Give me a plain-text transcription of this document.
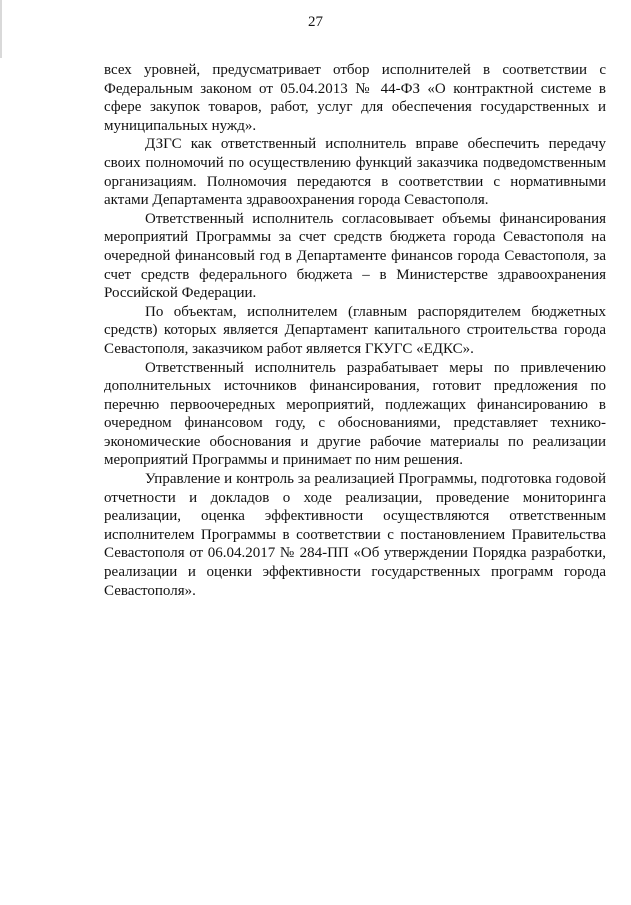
27

всех уровней, предусматривает отбор исполнителей в соответствии с Федеральным законом от 05.04.2013 № 44-ФЗ «О контрактной системе в сфере закупок товаров, работ, услуг для обеспечения государственных и муниципальных нужд».

ДЗГС как ответственный исполнитель вправе обеспечить передачу своих полномочий по осуществлению функций заказчика подведомственным организациям. Полномочия передаются в соответствии с нормативными актами Департамента здравоохранения города Севастополя.

Ответственный исполнитель согласовывает объемы финансирования мероприятий Программы за счет средств бюджета города Севастополя на очередной финансовый год в Департаменте финансов города Севастополя, за счет средств федерального бюджета – в Министерстве здравоохранения Российской Федерации.

По объектам, исполнителем (главным распорядителем бюджетных средств) которых является Департамент капитального строительства города Севастополя, заказчиком работ является ГКУГС «ЕДКС».

Ответственный исполнитель разрабатывает меры по привлечению дополнительных источников финансирования, готовит предложения по перечню первоочередных мероприятий, подлежащих финансированию в очередном финансовом году, с обоснованиями, представляет технико-экономические обоснования и другие рабочие материалы по реализации мероприятий Программы и принимает по ним решения.

Управление и контроль за реализацией Программы, подготовка годовой отчетности и докладов о ходе реализации, проведение мониторинга реализации, оценка эффективности осуществляются ответственным исполнителем Программы в соответствии с постановлением Правительства Севастополя от 06.04.2017 № 284-ПП «Об утверждении Порядка разработки, реализации и оценки эффективности государственных программ города Севастополя».
